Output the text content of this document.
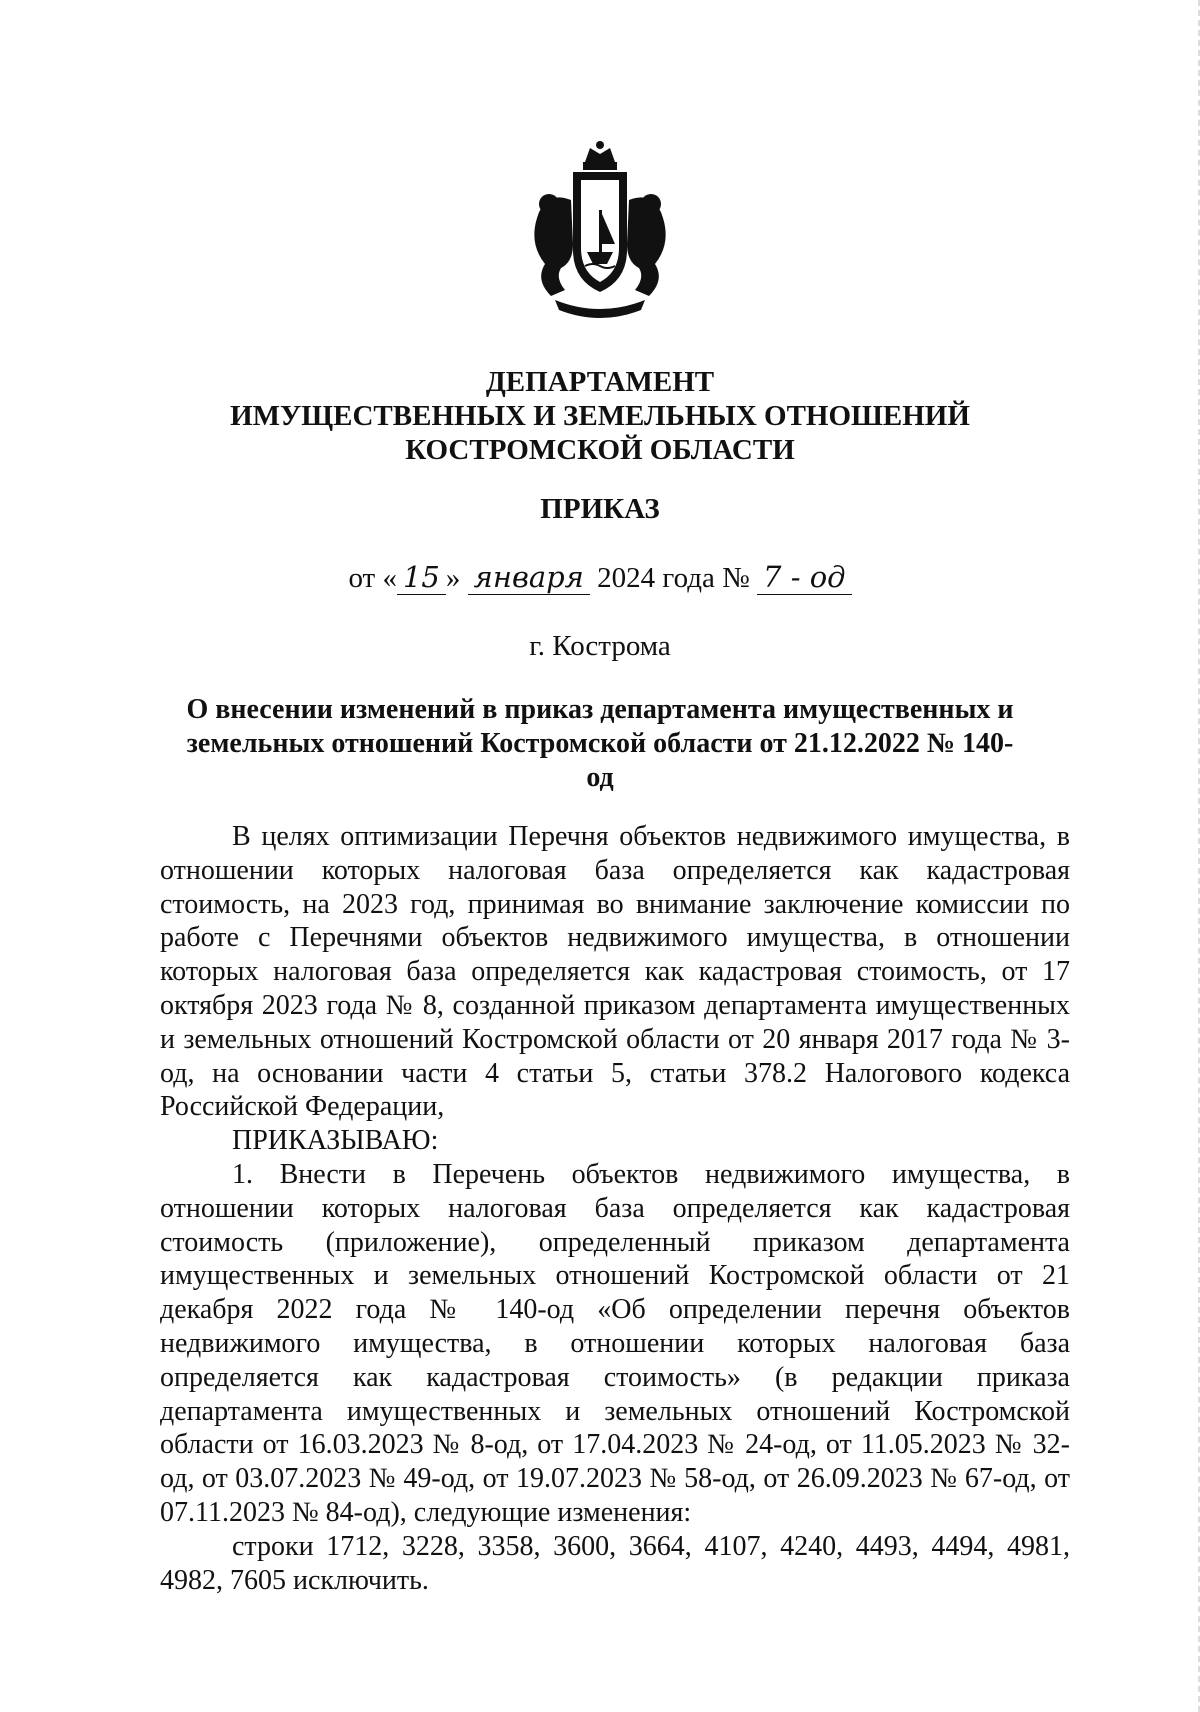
ДЕПАРТАМЕНТ
ИМУЩЕСТВЕННЫХ И ЗЕМЕЛЬНЫХ ОТНОШЕНИЙ
КОСТРОМСКОЙ ОБЛАСТИ
ПРИКАЗ
от « 15 » января 2024 года № 7 - од
г. Кострома
О внесении изменений в приказ департамента имущественных и
земельных отношений Костромской области от 21.12.2022 № 140-од

В целях оптимизации Перечня объектов недвижимого имущества, в отношении которых налоговая база определяется как кадастровая стоимость, на 2023 год, принимая во внимание заключение комиссии по работе с Перечнями объектов недвижимого имущества, в отношении которых налоговая база определяется как кадастровая стоимость, от 17 октября 2023 года № 8, созданной приказом департамента имущественных и земельных отношений Костромской области от 20 января 2017 года № 3-од, на основании части 4 статьи 5, статьи 378.2 Налогового кодекса Российской Федерации,

ПРИКАЗЫВАЮ:

1. Внести в Перечень объектов недвижимого имущества, в отношении которых налоговая база определяется как кадастровая стоимость (приложение), определенный приказом департамента имущественных и земельных отношений Костромской области от 21 декабря 2022 года № 140-од «Об определении перечня объектов недвижимого имущества, в отношении которых налоговая база определяется как кадастровая стоимость» (в редакции приказа департамента имущественных и земельных отношений Костромской области от 16.03.2023 № 8-од, от 17.04.2023 № 24-од, от 11.05.2023 № 32-од, от 03.07.2023 № 49-од, от 19.07.2023 № 58-од, от 26.09.2023 № 67-од, от 07.11.2023 № 84-од), следующие изменения:

строки 1712, 3228, 3358, 3600, 3664, 4107, 4240, 4493, 4494, 4981, 4982, 7605 исключить.
